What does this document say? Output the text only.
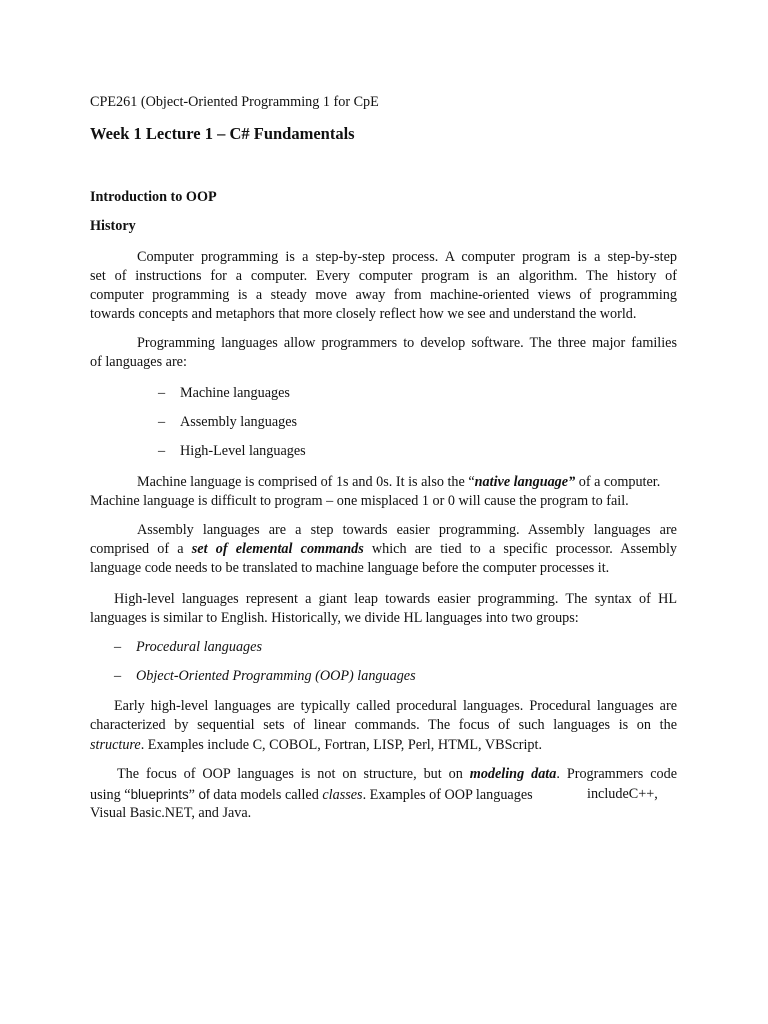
CPE261 (Object-Oriented Programming 1 for CpE
Week 1 Lecture 1 – C# Fundamentals
Introduction to OOP
History
Computer programming is a step-by-step process. A computer program is a step-by-step
set of instructions for a computer. Every computer program is an algorithm. The history of
computer programming is a steady move away from machine-oriented views of programming
towards concepts and metaphors that more closely reflect how we see and understand the world.
Programming languages allow programmers to develop software. The three major families
of languages are:
– Machine languages
– Assembly languages
– High-Level languages
Machine language is comprised of 1s and 0s. It is also the “native language” of a computer.
Machine language is difficult to program – one misplaced 1 or 0 will cause the program to fail.
Assembly languages are a step towards easier programming. Assembly languages are
comprised of a set of elemental commands which are tied to a specific processor. Assembly
language code needs to be translated to machine language before the computer processes it.
High-level languages represent a giant leap towards easier programming. The syntax of HL
languages is similar to English. Historically, we divide HL languages into two groups:
– Procedural languages
– Object-Oriented Programming (OOP) languages
Early high-level languages are typically called procedural languages. Procedural languages are
characterized by sequential sets of linear commands. The focus of such languages is on the
structure. Examples include C, COBOL, Fortran, LISP, Perl, HTML, VBScript.
The focus of OOP languages is not on structure, but on modeling data. Programmers code
using “blueprints” of data models called classes. Examples of OOP languages	includeC++,
Visual Basic.NET, and Java.
